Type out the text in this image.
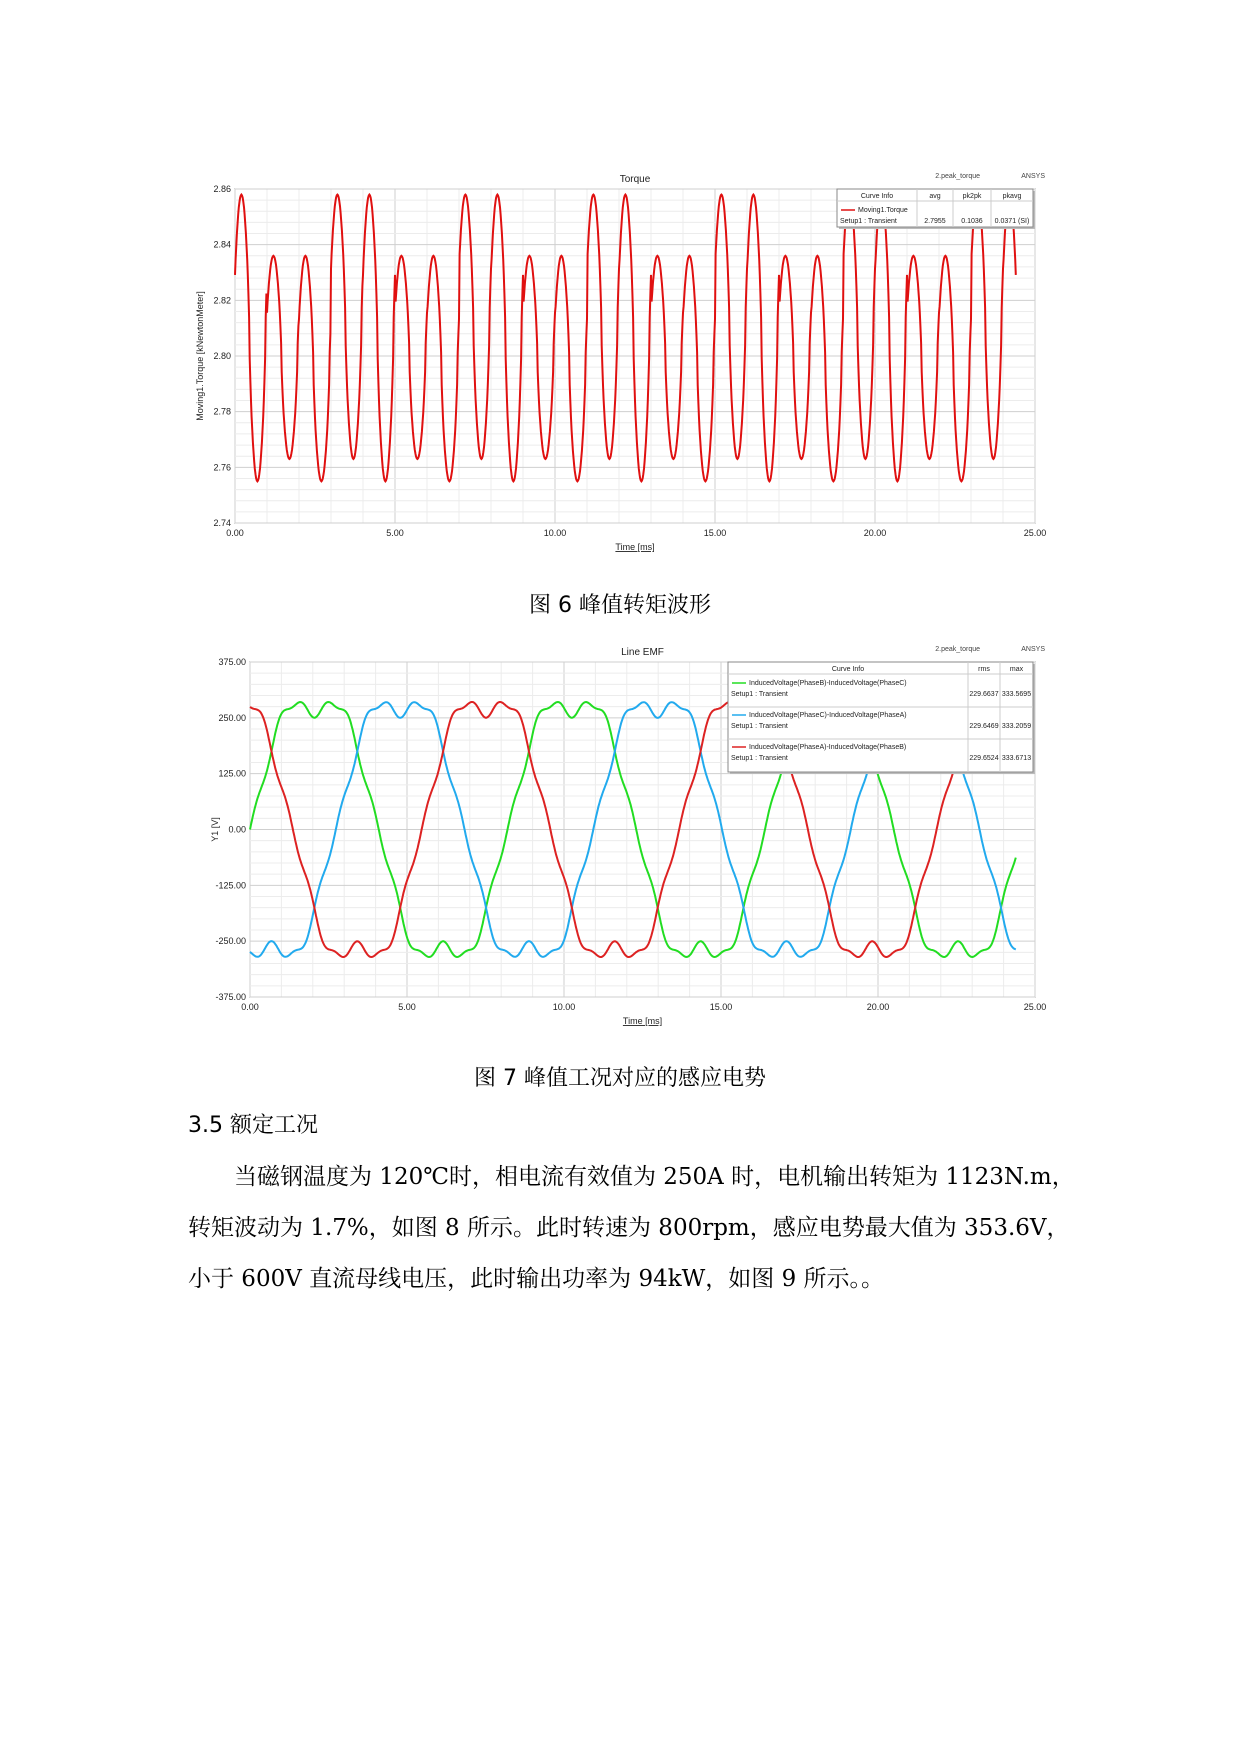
0.00	5.00	10.00	15.00	20.00	25.00
2.74
2.76
2.78
2.80
2.82
2.84
2.86
Torque	2.peak_torque	ANSYS
Time [ms]
Moving1.Torque [kNewtonMeter]
Curve Info	avg	pk2pk	pkavg
Moving1.Torque
Setup1 : Transient	2.7955 0.1036 0.0371 (SI)
图 6 峰值转矩波形
0.00	5.00	10.00	15.00	20.00	25.00
-375.00
-250.00
-125.00
0.00
125.00
250.00
375.00
Line EMF	2.peak_torque	ANSYS
Time [ms]
Y1 [V]
Curve Info	rms	max
InducedVoltage(PhaseB)-InducedVoltage(PhaseC)
Setup1 : Transient	229.6637 333.5695
InducedVoltage(PhaseC)-InducedVoltage(PhaseA)
Setup1 : Transient	229.6469 333.2059
InducedVoltage(PhaseA)-InducedVoltage(PhaseB)
Setup1 : Transient	229.6524 333.6713
图 7 峰值工况对应的感应电势
3.5 额定工况
当磁钢温度为 120℃时，相电流有效值为 250A 时，电机输出转矩为 1123N.m，
转矩波动为 1.7%，如图 8 所示。此时转速为 800rpm，感应电势最大值为 353.6V，
小于 600V 直流母线电压，此时输出功率为 94kW，如图 9 所示。。
